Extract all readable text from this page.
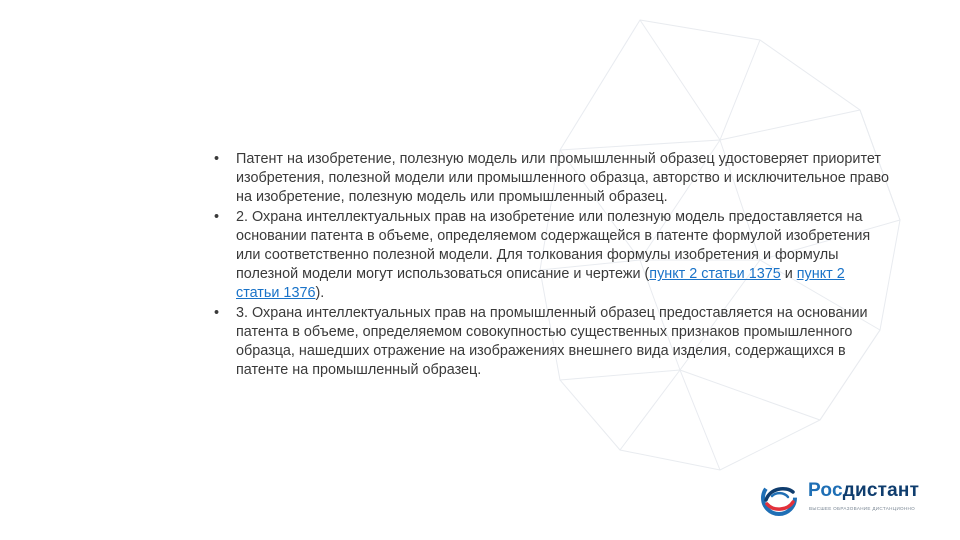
• Патент на изобретение, полезную модель или промышленный образец удостоверяет приоритет изобретения, полезной модели или промышленного образца, авторство и исключительное право на изобретение, полезную модель или промышленный образец.
• 2. Охрана интеллектуальных прав на изобретение или полезную модель предоставляется на основании патента в объеме, определяемом содержащейся в патенте формулой изобретения или соответственно полезной модели. Для толкования формулы изобретения и формулы полезной модели могут использоваться описание и чертежи (пункт 2 статьи 1375 и пункт 2 статьи 1376).
• 3. Охрана интеллектуальных прав на промышленный образец предоставляется на основании патента в объеме, определяемом совокупностью существенных признаков промышленного образца, нашедших отражение на изображениях внешнего вида изделия, содержащихся в патенте на промышленный образец.
Росдистант
ВЫСШЕЕ ОБРАЗОВАНИЕ ДИСТАНЦИОННО
